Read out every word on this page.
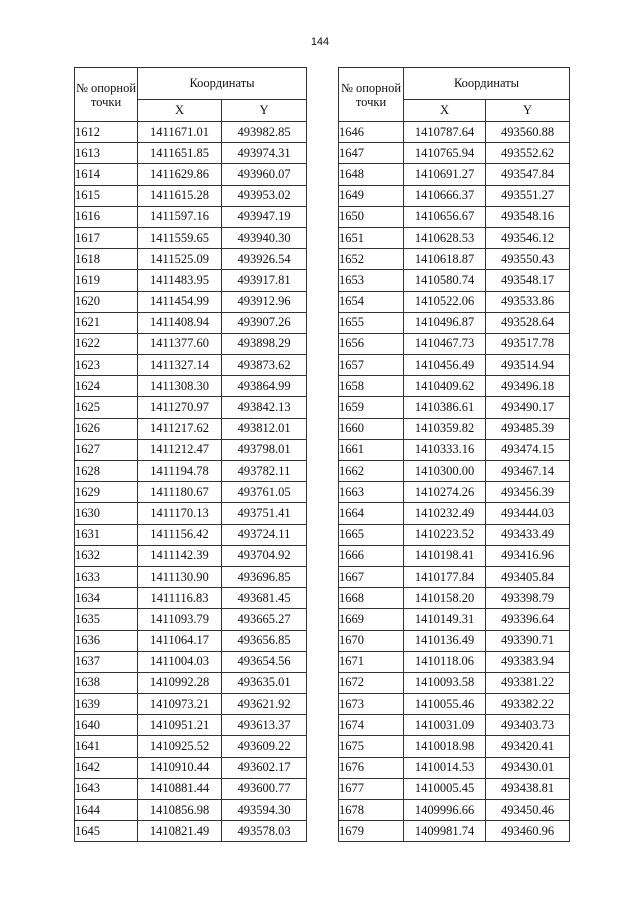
144
№ опорной точки	Координаты	
	X	Y
1612	1411671.01	493982.85
1613	1411651.85	493974.31
1614	1411629.86	493960.07
1615	1411615.28	493953.02
1616	1411597.16	493947.19
1617	1411559.65	493940.30
1618	1411525.09	493926.54
1619	1411483.95	493917.81
1620	1411454.99	493912.96
1621	1411408.94	493907.26
1622	1411377.60	493898.29
1623	1411327.14	493873.62
1624	1411308.30	493864.99
1625	1411270.97	493842.13
1626	1411217.62	493812.01
1627	1411212.47	493798.01
1628	1411194.78	493782.11
1629	1411180.67	493761.05
1630	1411170.13	493751.41
1631	1411156.42	493724.11
1632	1411142.39	493704.92
1633	1411130.90	493696.85
1634	1411116.83	493681.45
1635	1411093.79	493665.27
1636	1411064.17	493656.85
1637	1411004.03	493654.56
1638	1410992.28	493635.01
1639	1410973.21	493621.92
1640	1410951.21	493613.37
1641	1410925.52	493609.22
1642	1410910.44	493602.17
1643	1410881.44	493600.77
1644	1410856.98	493594.30
1645	1410821.49	493578.03
№ опорной точки	Координаты	
	X	Y
1646	1410787.64	493560.88
1647	1410765.94	493552.62
1648	1410691.27	493547.84
1649	1410666.37	493551.27
1650	1410656.67	493548.16
1651	1410628.53	493546.12
1652	1410618.87	493550.43
1653	1410580.74	493548.17
1654	1410522.06	493533.86
1655	1410496.87	493528.64
1656	1410467.73	493517.78
1657	1410456.49	493514.94
1658	1410409.62	493496.18
1659	1410386.61	493490.17
1660	1410359.82	493485.39
1661	1410333.16	493474.15
1662	1410300.00	493467.14
1663	1410274.26	493456.39
1664	1410232.49	493444.03
1665	1410223.52	493433.49
1666	1410198.41	493416.96
1667	1410177.84	493405.84
1668	1410158.20	493398.79
1669	1410149.31	493396.64
1670	1410136.49	493390.71
1671	1410118.06	493383.94
1672	1410093.58	493381.22
1673	1410055.46	493382.22
1674	1410031.09	493403.73
1675	1410018.98	493420.41
1676	1410014.53	493430.01
1677	1410005.45	493438.81
1678	1409996.66	493450.46
1679	1409981.74	493460.96
